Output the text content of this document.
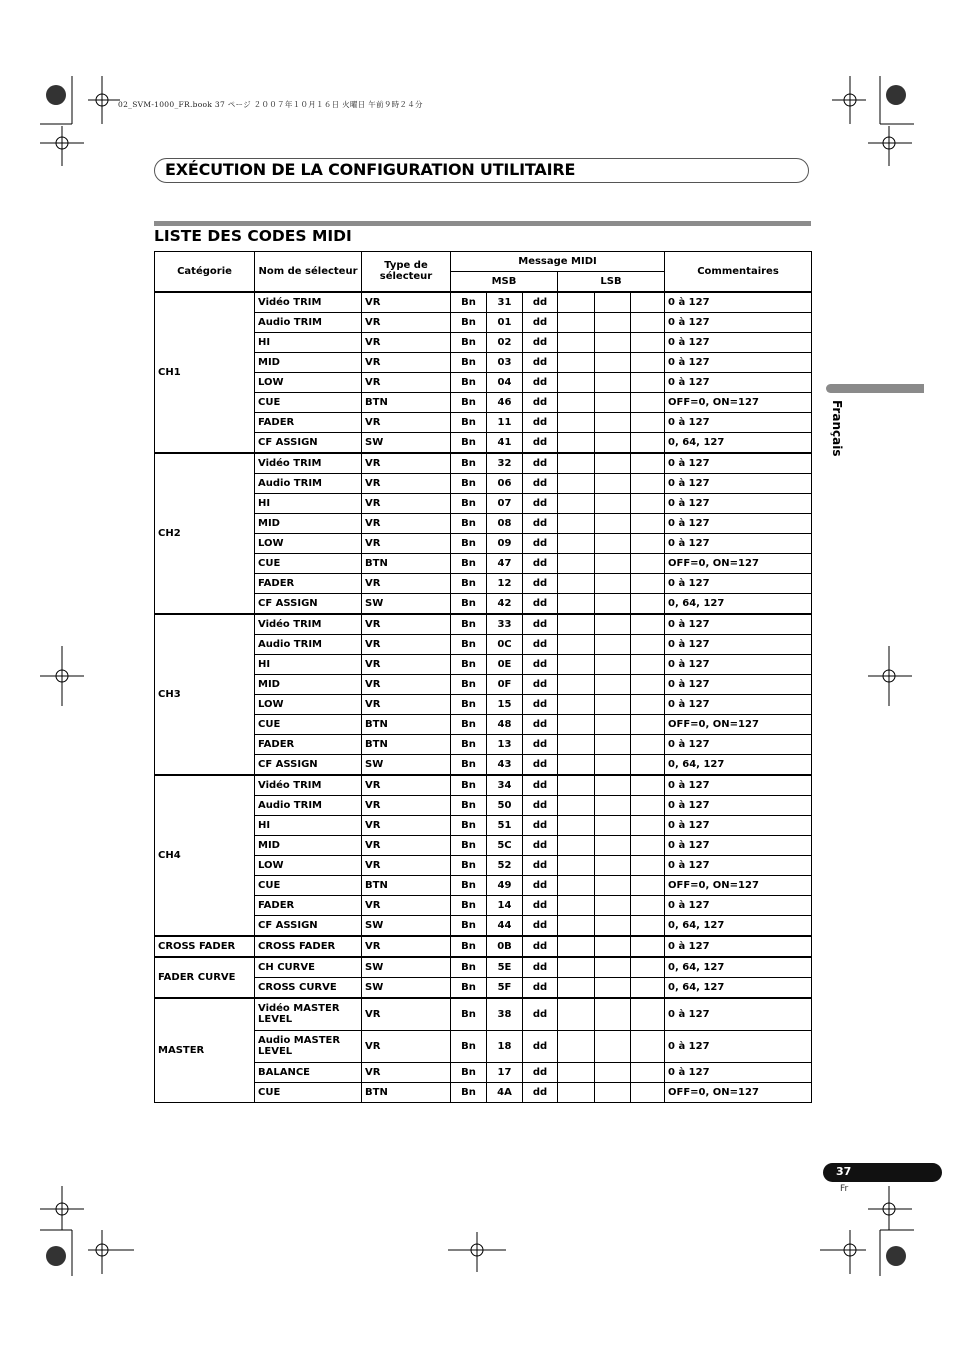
02_SVM-1000_FR.book 37 ページ ２００７年１０月１６日 火曜日 午前９時２４分
EXÉCUTION DE LA CONFIGURATION UTILITAIRE
LISTE DES CODES MIDI
Français
Catégorie	Nom de sélecteur	Type de sélecteur	Message MIDI						Commentaires
			MSB			LSB			
CH1	Vidéo TRIM	VR	Bn	31	dd				0 à 127
	Audio TRIM	VR	Bn	01	dd				0 à 127
	HI	VR	Bn	02	dd				0 à 127
	MID	VR	Bn	03	dd				0 à 127
	LOW	VR	Bn	04	dd				0 à 127
	CUE	BTN	Bn	46	dd				OFF=0, ON=127
	FADER	VR	Bn	11	dd				0 à 127
	CF ASSIGN	SW	Bn	41	dd				0, 64, 127
CH2	Vidéo TRIM	VR	Bn	32	dd				0 à 127
	Audio TRIM	VR	Bn	06	dd				0 à 127
	HI	VR	Bn	07	dd				0 à 127
	MID	VR	Bn	08	dd				0 à 127
	LOW	VR	Bn	09	dd				0 à 127
	CUE	BTN	Bn	47	dd				OFF=0, ON=127
	FADER	VR	Bn	12	dd				0 à 127
	CF ASSIGN	SW	Bn	42	dd				0, 64, 127
CH3	Vidéo TRIM	VR	Bn	33	dd				0 à 127
	Audio TRIM	VR	Bn	0C	dd				0 à 127
	HI	VR	Bn	0E	dd				0 à 127
	MID	VR	Bn	0F	dd				0 à 127
	LOW	VR	Bn	15	dd				0 à 127
	CUE	BTN	Bn	48	dd				OFF=0, ON=127
	FADER	BTN	Bn	13	dd				0 à 127
	CF ASSIGN	SW	Bn	43	dd				0, 64, 127
CH4	Vidéo TRIM	VR	Bn	34	dd				0 à 127
	Audio TRIM	VR	Bn	50	dd				0 à 127
	HI	VR	Bn	51	dd				0 à 127
	MID	VR	Bn	5C	dd				0 à 127
	LOW	VR	Bn	52	dd				0 à 127
	CUE	BTN	Bn	49	dd				OFF=0, ON=127
	FADER	VR	Bn	14	dd				0 à 127
	CF ASSIGN	SW	Bn	44	dd				0, 64, 127
CROSS FADER	CROSS FADER	VR	Bn	0B	dd				0 à 127
FADER CURVE	CH CURVE	SW	Bn	5E	dd				0, 64, 127
	CROSS CURVE	SW	Bn	5F	dd				0, 64, 127
MASTER	Vidéo MASTER LEVEL	VR	Bn	38	dd				0 à 127
	Audio MASTER LEVEL	VR	Bn	18	dd				0 à 127
	BALANCE	VR	Bn	17	dd				0 à 127
	CUE	BTN	Bn	4A	dd				OFF=0, ON=127
37
Fr
